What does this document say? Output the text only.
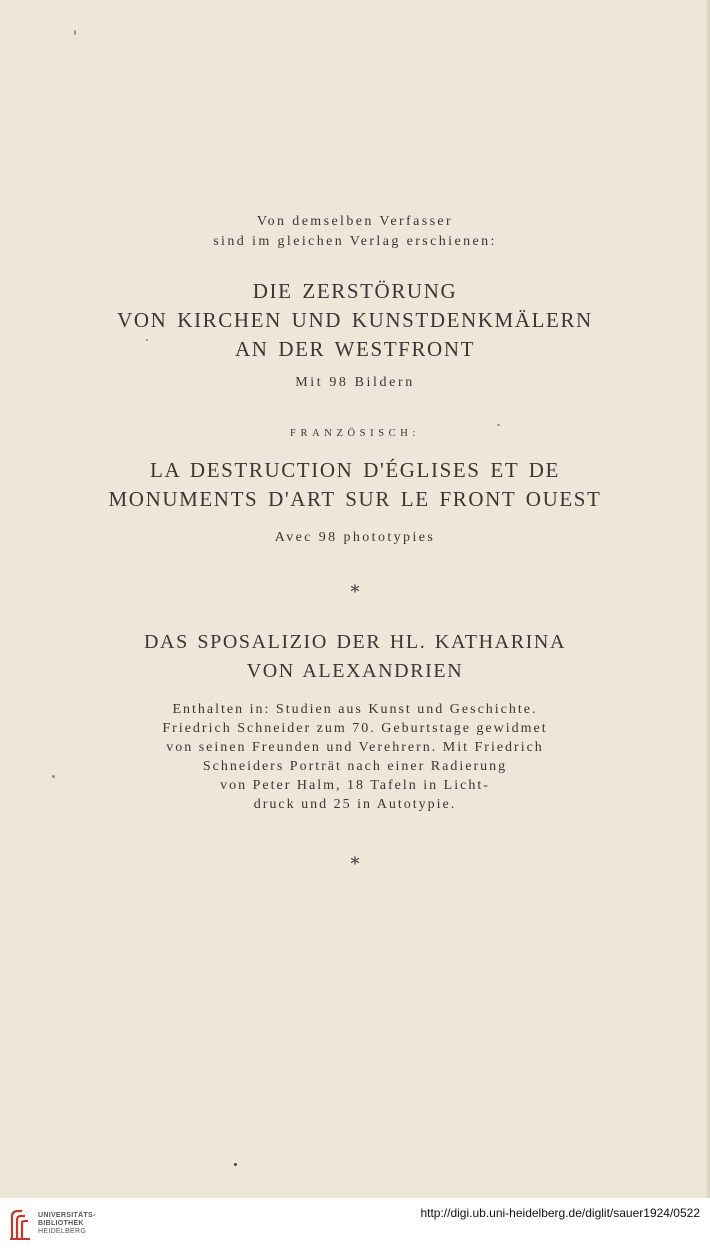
Von demselben Verfasser
sind im gleichen Verlag erschienen:
DIE ZERSTÖRUNG
VON KIRCHEN UND KUNSTDENKMÄLERN
AN DER WESTFRONT
Mit 98 Bildern
FRANZÖSISCH:
LA DESTRUCTION D'ÉGLISES ET DE
MONUMENTS D'ART SUR LE FRONT OUEST
Avec 98 phototypies
⁎
DAS SPOSALIZIO DER HL. KATHARINA
VON ALEXANDRIEN
Enthalten in: Studien aus Kunst und Geschichte.
Friedrich Schneider zum 70. Geburtstage gewidmet
von seinen Freunden und Verehrern. Mit Friedrich
Schneiders Porträt nach einer Radierung
von Peter Halm, 18 Tafeln in Licht-
druck und 25 in Autotypie.
⁎
UNIVERSITÄTS-
BIBLIOTHEK
HEIDELBERG
http://digi.ub.uni-heidelberg.de/diglit/sauer1924/0522
